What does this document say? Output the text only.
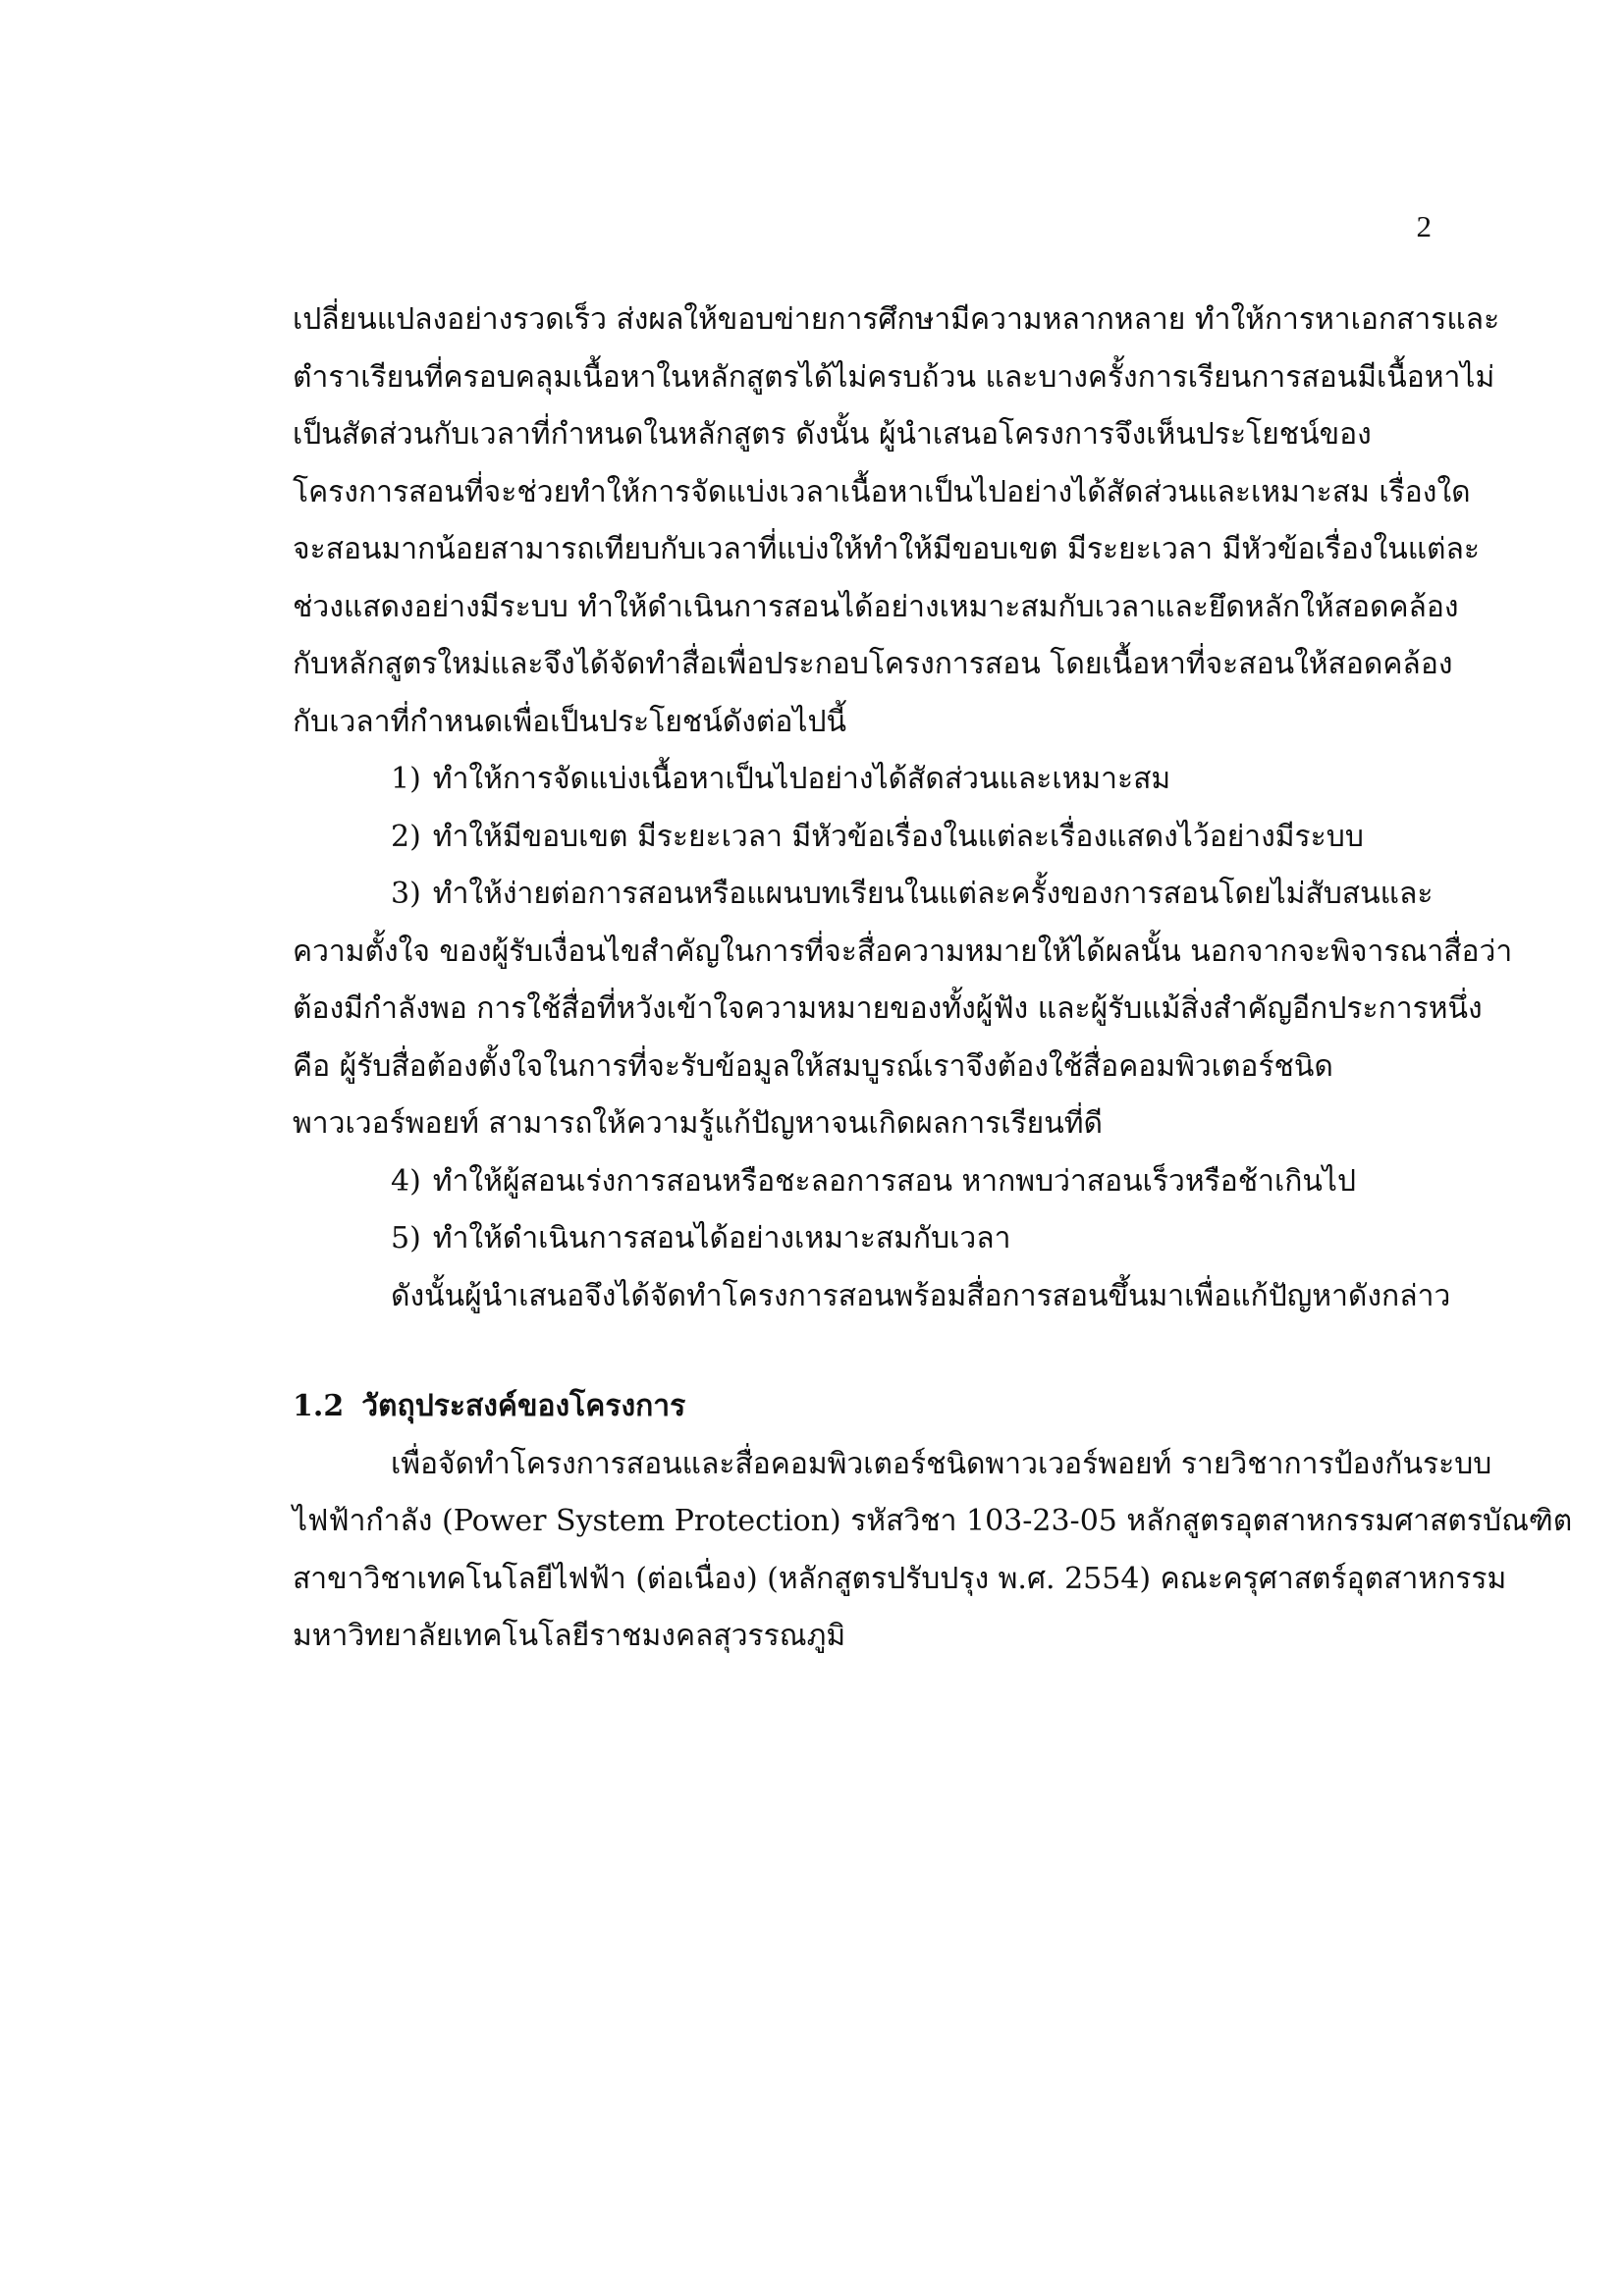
2
เปลี่ยนแปลงอย่างรวดเร็ว ส่งผลให้ขอบข่ายการศึกษามีความหลากหลาย ทำให้การหาเอกสารและ
ตำราเรียนที่ครอบคลุมเนื้อหาในหลักสูตรได้ไม่ครบถ้วน และบางครั้งการเรียนการสอนมีเนื้อหาไม่
เป็นสัดส่วนกับเวลาที่กำหนดในหลักสูตร ดังนั้น ผู้นำเสนอโครงการจึงเห็นประโยชน์ของ
โครงการสอนที่จะช่วยทำให้การจัดแบ่งเวลาเนื้อหาเป็นไปอย่างได้สัดส่วนและเหมาะสม เรื่องใด
จะสอนมากน้อยสามารถเทียบกับเวลาที่แบ่งให้ทำให้มีขอบเขต มีระยะเวลา มีหัวข้อเรื่องในแต่ละ
ช่วงแสดงอย่างมีระบบ ทำให้ดำเนินการสอนได้อย่างเหมาะสมกับเวลาและยึดหลักให้สอดคล้อง
กับหลักสูตรใหม่และจึงได้จัดทำสื่อเพื่อประกอบโครงการสอน โดยเนื้อหาที่จะสอนให้สอดคล้อง
กับเวลาที่กำหนดเพื่อเป็นประโยชน์ดังต่อไปนี้
1) ทำให้การจัดแบ่งเนื้อหาเป็นไปอย่างได้สัดส่วนและเหมาะสม
2) ทำให้มีขอบเขต มีระยะเวลา มีหัวข้อเรื่องในแต่ละเรื่องแสดงไว้อย่างมีระบบ
3) ทำให้ง่ายต่อการสอนหรือแผนบทเรียนในแต่ละครั้งของการสอนโดยไม่สับสนและ
ความตั้งใจ ของผู้รับเงื่อนไขสำคัญในการที่จะสื่อความหมายให้ได้ผลนั้น นอกจากจะพิจารณาสื่อว่า
ต้องมีกำลังพอ การใช้สื่อที่หวังเข้าใจความหมายของทั้งผู้ฟัง และผู้รับแม้สิ่งสำคัญอีกประการหนึ่ง
คือ ผู้รับสื่อต้องตั้งใจในการที่จะรับข้อมูลให้สมบูรณ์เราจึงต้องใช้สื่อคอมพิวเตอร์ชนิด
พาวเวอร์พอยท์ สามารถให้ความรู้แก้ปัญหาจนเกิดผลการเรียนที่ดี
4) ทำให้ผู้สอนเร่งการสอนหรือชะลอการสอน หากพบว่าสอนเร็วหรือช้าเกินไป
5) ทำให้ดำเนินการสอนได้อย่างเหมาะสมกับเวลา
ดังนั้นผู้นำเสนอจึงได้จัดทำโครงการสอนพร้อมสื่อการสอนขึ้นมาเพื่อแก้ปัญหาดังกล่าว
1.2 วัตถุประสงค์ของโครงการ
เพื่อจัดทำโครงการสอนและสื่อคอมพิวเตอร์ชนิดพาวเวอร์พอยท์ รายวิชาการป้องกันระบบ
ไฟฟ้ากำลัง (Power System Protection) รหัสวิชา 103-23-05 หลักสูตรอุตสาหกรรมศาสตรบัณฑิต
สาขาวิชาเทคโนโลยีไฟฟ้า (ต่อเนื่อง) (หลักสูตรปรับปรุง พ.ศ. 2554) คณะครุศาสตร์อุตสาหกรรม
มหาวิทยาลัยเทคโนโลยีราชมงคลสุวรรณภูมิ
